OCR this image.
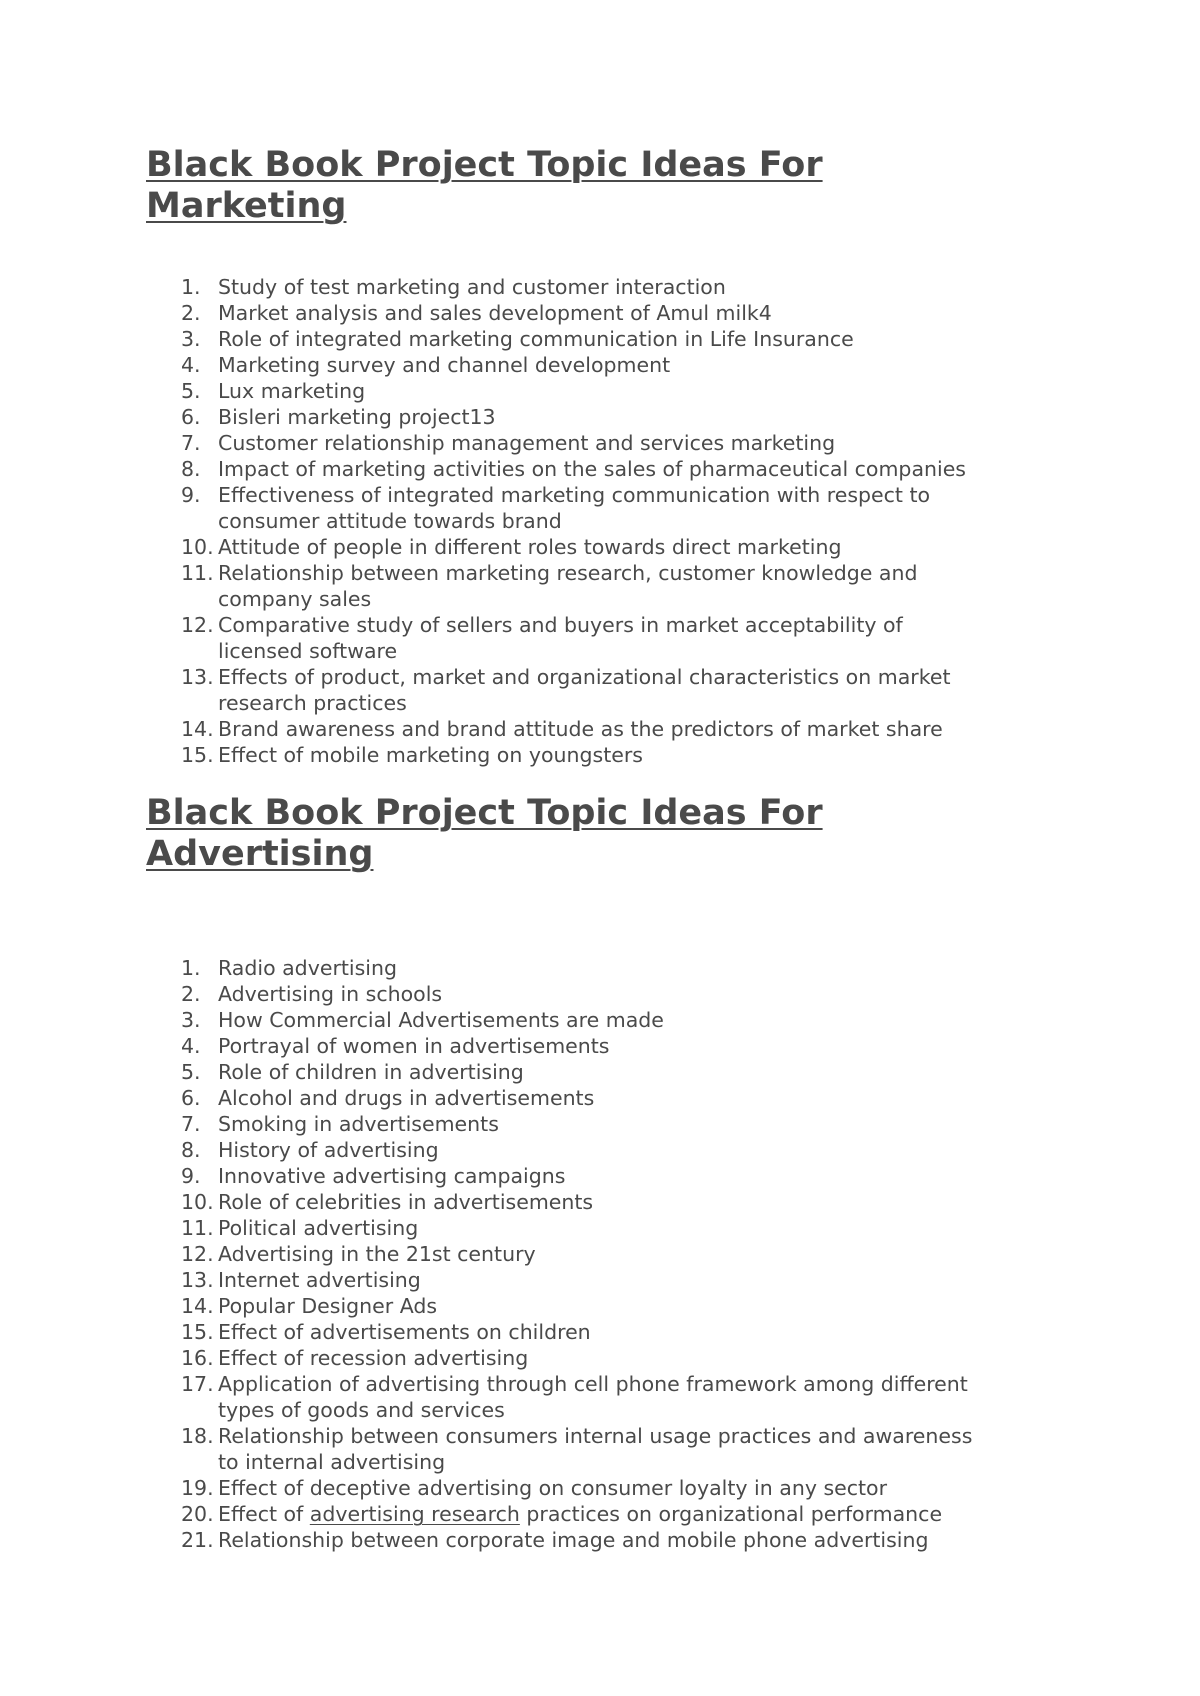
Black Book Project Topic Ideas For
Marketing
1. Study of test marketing and customer interaction
2. Market analysis and sales development of Amul milk4
3. Role of integrated marketing communication in Life Insurance
4. Marketing survey and channel development
5. Lux marketing
6. Bisleri marketing project13
7. Customer relationship management and services marketing
8. Impact of marketing activities on the sales of pharmaceutical companies
9. Effectiveness of integrated marketing communication with respect to
consumer attitude towards brand
10. Attitude of people in different roles towards direct marketing
11. Relationship between marketing research, customer knowledge and
company sales
12. Comparative study of sellers and buyers in market acceptability of
licensed software
13. Effects of product, market and organizational characteristics on market
research practices
14. Brand awareness and brand attitude as the predictors of market share
15. Effect of mobile marketing on youngsters
Black Book Project Topic Ideas For
Advertising
1. Radio advertising
2. Advertising in schools
3. How Commercial Advertisements are made
4. Portrayal of women in advertisements
5. Role of children in advertising
6. Alcohol and drugs in advertisements
7. Smoking in advertisements
8. History of advertising
9. Innovative advertising campaigns
10. Role of celebrities in advertisements
11. Political advertising
12. Advertising in the 21st century
13. Internet advertising
14. Popular Designer Ads
15. Effect of advertisements on children
16. Effect of recession advertising
17. Application of advertising through cell phone framework among different
types of goods and services
18. Relationship between consumers internal usage practices and awareness
to internal advertising
19. Effect of deceptive advertising on consumer loyalty in any sector
20. Effect of advertising research practices on organizational performance
21. Relationship between corporate image and mobile phone advertising
